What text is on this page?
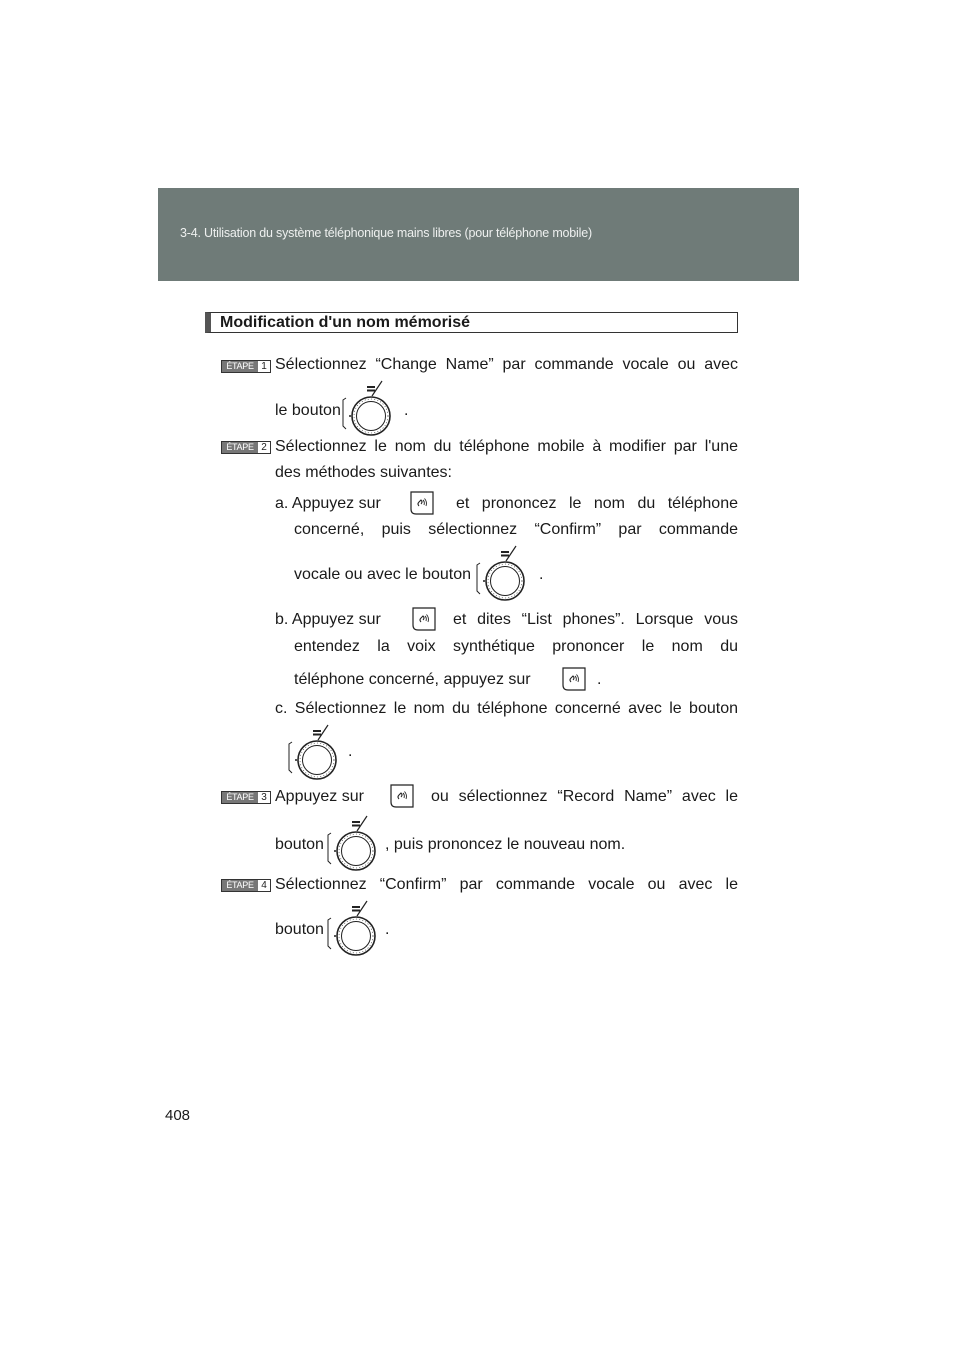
3-4. Utilisation du système téléphonique mains libres (pour téléphone mobile)
Modification d'un nom mémorisé
ÉTAPE 1 Sélectionnez “Change Name” par commande vocale ou avec
le bouton	.
ÉTAPE 2 Sélectionnez le nom du téléphone mobile à modifier par l'une
des méthodes suivantes:
a. Appuyez sur	et prononcez le nom du téléphone
concerné, puis sélectionnez “Confirm” par commande
vocale ou avec le bouton	.
b. Appuyez sur	et dites “List phones”. Lorsque vous
entendez la voix synthétique prononcer le nom du
téléphone concerné, appuyez sur	.
c. Sélectionnez le nom du téléphone concerné avec le bouton
.
ÉTAPE 3 Appuyez sur	ou sélectionnez “Record Name” avec le
bouton	, puis prononcez le nouveau nom.
ÉTAPE 4 Sélectionnez “Confirm” par commande vocale ou avec le
bouton	.
408
